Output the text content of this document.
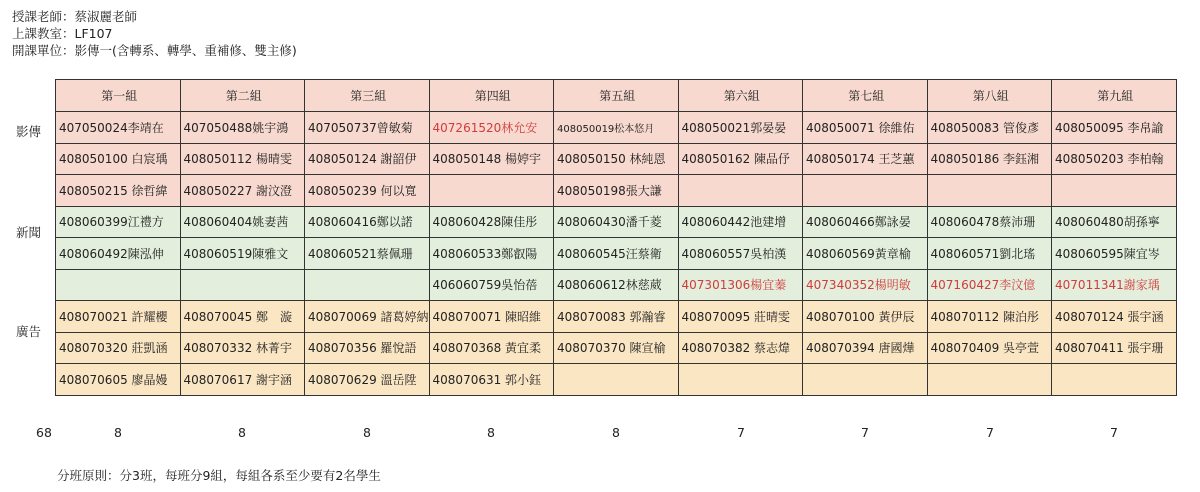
授課老師：蔡淑麗老師
上課教室：LF107
開課單位：影傳一(含轉系、轉學、重補修、雙主修)
影傳
新聞
廣告
第一組	第二組	第三組	第四組	第五組	第六組	第七組	第八組	第九組
407050024李靖在	407050488姚宇鴻	407050737曾敏菊	407261520林允安	408050019松本悠月	408050021郭晏晏	408050071 徐維佑	408050083 管俊彥	408050095 李帛諭
408050100 白宸瑀	408050112 楊晴雯	408050124 謝韶伊	408050148 楊婷宇	408050150 林純恩	408050162 陳品伃	408050174 王芝蕙	408050186 李鈺湘	408050203 李柏翰
408050215 徐哲緯	408050227 謝汶澄	408050239 何以寬		408050198張大謙				
408060399江禮方	408060404姚妻茜	408060416鄭以諾	408060428陳佳彤	408060430潘千菱	408060442池建增	408060466鄭詠晏	408060478蔡沛珊	408060480胡孫寧
408060492陳泓伸	408060519陳雅文	408060521蔡佩珊	408060533鄭叡陽	408060545汪蔡衛	408060557吳柏漢	408060569黃章榆	408060571劉北瑤	408060595陳宜岑
			406060759吳怡蓓	408060612林慈葳	407301306楊宜蓁	407340352楊明敏	407160427李汶億	407011341謝家瑀
408070021 許耀櫻	408070045 鄭　漩	408070069 諸葛婷納	408070071 陳昭維	408070083 郭瀚睿	408070095 莊晴雯	408070100 黃伊辰	408070112 陳泊彤	408070124 張宇涵
408070320 莊凱涵	408070332 林菁宇	408070356 羅悅語	408070368 黃宜柔	408070370 陳宣榆	408070382 蔡志煒	408070394 唐國燁	408070409 吳亭萱	408070411 張宇珊
408070605 廖晶嫚	408070617 謝宇涵	408070629 溫岳陞	408070631 郭小鈺					
68	8	8	8	8	8	7	7	7	7
分班原則：分3班，每班分9組，每組各系至少要有2名學生
